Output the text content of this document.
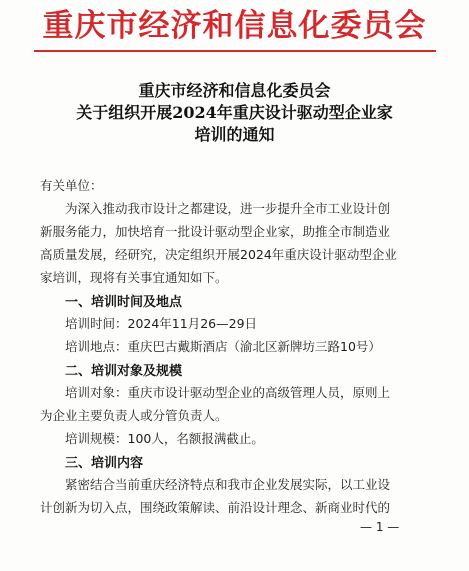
重庆市经济和信息化委员会
重庆市经济和信息化委员会
关于组织开展2024年重庆设计驱动型企业家
培训的通知
有关单位：
为深入推动我市设计之都建设，进一步提升全市工业设计创
新服务能力，加快培育一批设计驱动型企业家，助推全市制造业
高质量发展，经研究，决定组织开展2024年重庆设计驱动型企业
家培训，现将有关事宜通知如下。
一、培训时间及地点
培训时间：2024年11月26—29日
培训地点：重庆巴古戴斯酒店（渝北区新牌坊三路10号）
二、培训对象及规模
培训对象：重庆市设计驱动型企业的高级管理人员，原则上
为企业主要负责人或分管负责人。
培训规模：100人，名额报满截止。
三、培训内容
紧密结合当前重庆经济特点和我市企业发展实际，以工业设
计创新为切入点，围绕政策解读、前沿设计理念、新商业时代的
— 1 —
